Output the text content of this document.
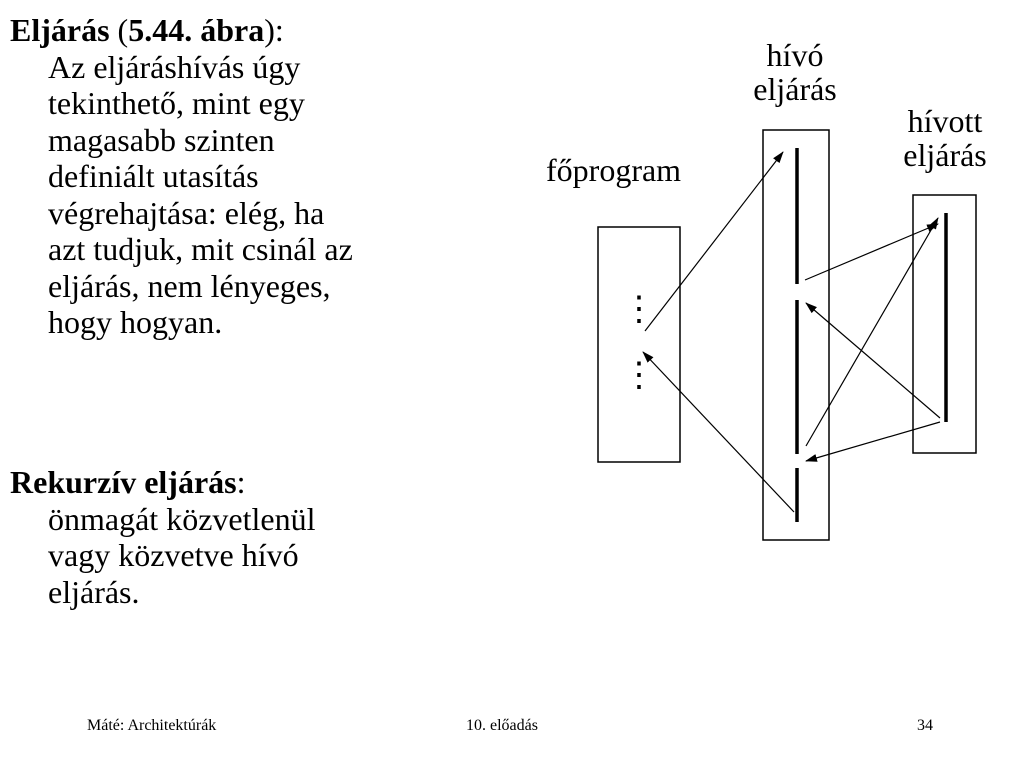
Eljárás (5.44. ábra):
Az eljáráshívás úgy
tekinthető, mint egy
magasabb szinten
definiált utasítás
végrehajtása: elég, ha
azt tudjuk, mit csinál az
eljárás, nem lényeges,
hogy hogyan.
Rekurzív eljárás:
önmagát közvetlenül
vagy közvetve hívó
eljárás.
⋮
⋮
főprogram
hívó
eljárás
hívott
eljárás
Máté: Architektúrák	10. előadás	34
